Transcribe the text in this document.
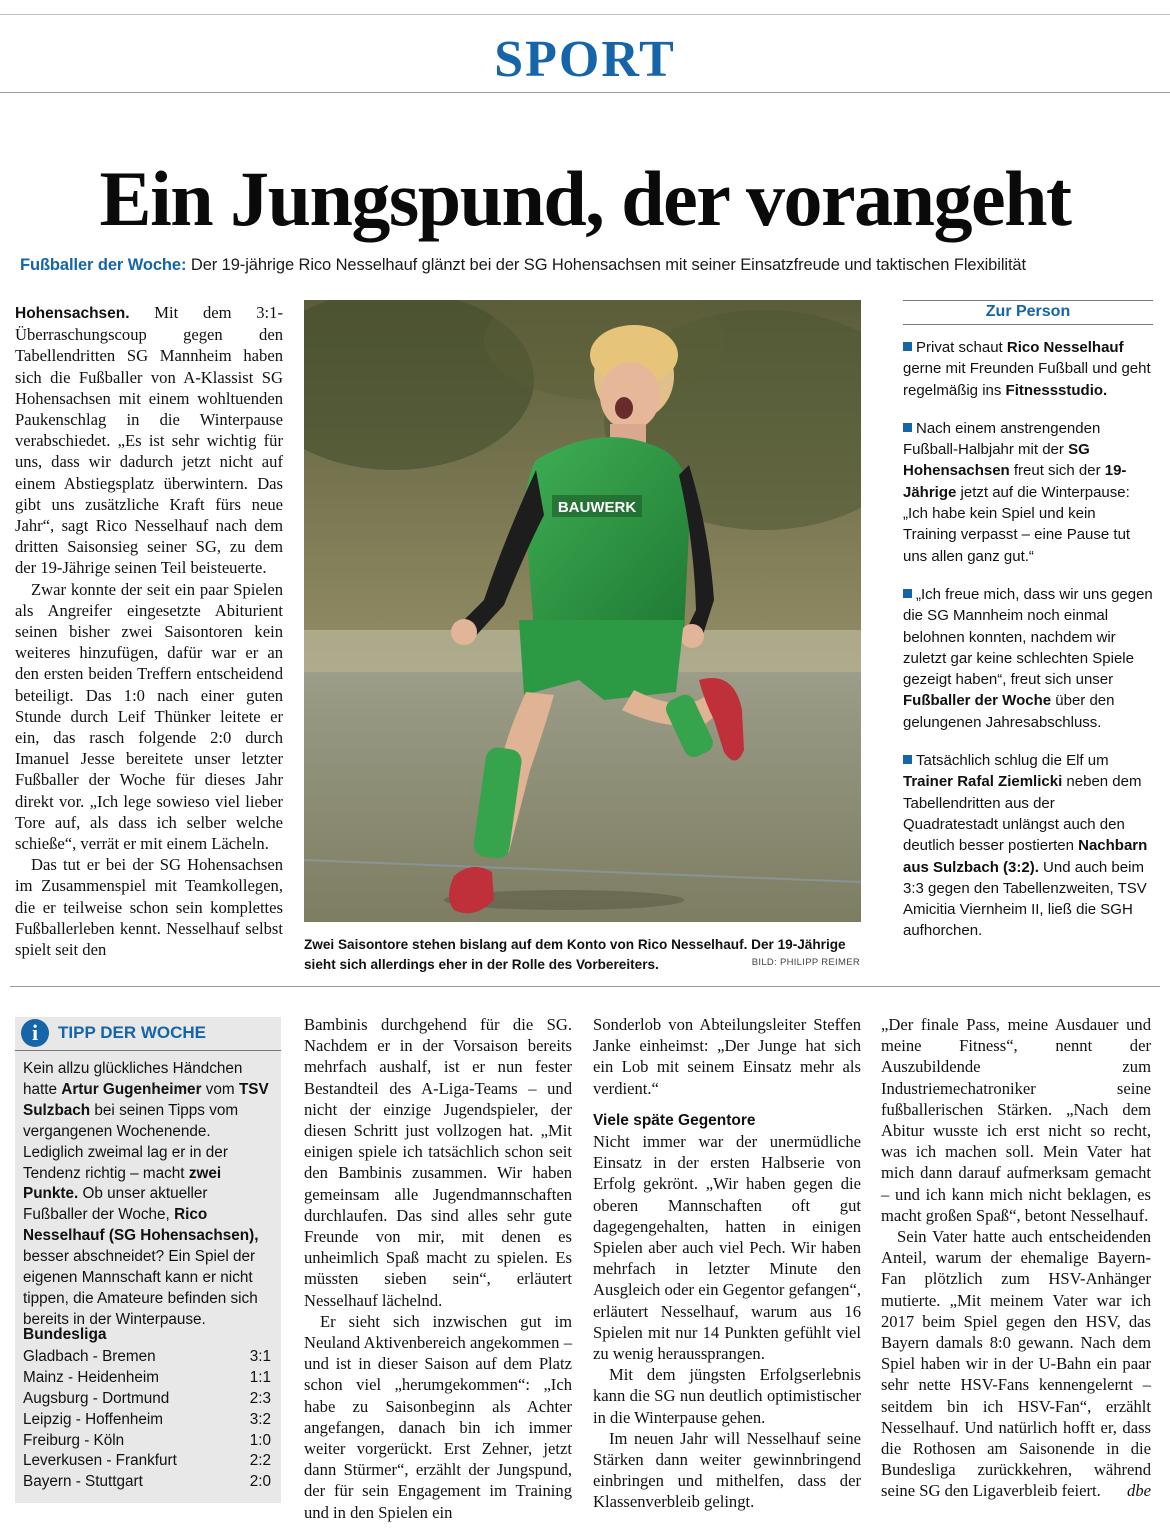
SPORT
Ein Jungspund, der vorangeht
Fußballer der Woche: Der 19-jährige Rico Nesselhauf glänzt bei der SG Hohensachsen mit seiner Einsatzfreude und taktischen Flexibilität

Hohensachsen. Mit dem 3:1-Überraschungscoup gegen den Tabellendritten SG Mannheim haben sich die Fußballer von A-Klassist SG Hohensachsen mit einem wohltuenden Paukenschlag in die Winterpause verabschiedet. „Es ist sehr wichtig für uns, dass wir dadurch jetzt nicht auf einem Abstiegsplatz überwintern. Das gibt uns zusätzliche Kraft fürs neue Jahr“, sagt Rico Nesselhauf nach dem dritten Saisonsieg seiner SG, zu dem der 19-Jährige seinen Teil beisteuerte.

Zwar konnte der seit ein paar Spielen als Angreifer eingesetzte Abiturient seinen bisher zwei Saisontoren kein weiteres hinzufügen, dafür war er an den ersten beiden Treffern entscheidend beteiligt. Das 1:0 nach einer guten Stunde durch Leif Thünker leitete er ein, das rasch folgende 2:0 durch Imanuel Jesse bereitete unser letzter Fußballer der Woche für dieses Jahr direkt vor. „Ich lege sowieso viel lieber Tore auf, als dass ich selber welche schieße“, verrät er mit einem Lächeln.

Das tut er bei der SG Hohensachsen im Zusammenspiel mit Teamkollegen, die er teilweise schon sein komplettes Fußballerleben kennt. Nesselhauf selbst spielt seit den

BAUWERK
Zwei Saisontore stehen bislang auf dem Konto von Rico Nesselhauf. Der 19-Jährige sieht sich allerdings eher in der Rolle des Vorbereiters.	BILD: PHILIPP REIMER
Zur Person
Privat schaut Rico Nesselhauf gerne mit Freunden Fußball und geht regelmäßig ins Fitnessstudio.
Nach einem anstrengenden Fußball-Halbjahr mit der SG Hohensachsen freut sich der 19-Jährige jetzt auf die Winterpause: „Ich habe kein Spiel und kein Training verpasst – eine Pause tut uns allen ganz gut.“
„Ich freue mich, dass wir uns gegen die SG Mannheim noch einmal belohnen konnten, nachdem wir zuletzt gar keine schlechten Spiele gezeigt haben“, freut sich unser Fußballer der Woche über den gelungenen Jahresabschluss.
Tatsächlich schlug die Elf um Trainer Rafal Ziemlicki neben dem Tabellendritten aus der Quadratestadt unlängst auch den deutlich besser postierten Nachbarn aus Sulzbach (3:2). Und auch beim 3:3 gegen den Tabellenzweiten, TSV Amicitia Viernheim II, ließ die SGH aufhorchen.
i	TIPP DER WOCHE
Kein allzu glückliches Händchen hatte Artur Gugenheimer vom TSV Sulzbach bei seinen Tipps vom vergangenen Wochenende. Lediglich zweimal lag er in der Tendenz richtig – macht zwei Punkte. Ob unser aktueller Fußballer der Woche, Rico Nesselhauf (SG Hohensachsen), besser abschneidet? Ein Spiel der eigenen Mannschaft kann er nicht tippen, die Amateure befinden sich bereits in der Winterpause.
Bundesliga
Gladbach - Bremen	3:1
Mainz - Heidenheim	1:1
Augsburg - Dortmund	2:3
Leipzig - Hoffenheim	3:2
Freiburg - Köln	1:0
Leverkusen - Frankfurt	2:2
Bayern - Stuttgart	2:0

Bambinis durchgehend für die SG. Nachdem er in der Vorsaison bereits mehrfach aushalf, ist er nun fester Bestandteil des A-Liga-Teams – und nicht der einzige Jugendspieler, der diesen Schritt just vollzogen hat. „Mit einigen spiele ich tatsächlich schon seit den Bambinis zusammen. Wir haben gemeinsam alle Jugendmannschaften durchlaufen. Das sind alles sehr gute Freunde von mir, mit denen es unheimlich Spaß macht zu spielen. Es müssten sieben sein“, erläutert Nesselhauf lächelnd.

Er sieht sich inzwischen gut im Neuland Aktivenbereich angekommen – und ist in dieser Saison auf dem Platz schon viel „herumgekommen“: „Ich habe zu Saisonbeginn als Achter angefangen, danach bin ich immer weiter vorgerückt. Erst Zehner, jetzt dann Stürmer“, erzählt der Jungspund, der für sein Engagement im Training und in den Spielen ein

Sonderlob von Abteilungsleiter Steffen Janke einheimst: „Der Junge hat sich ein Lob mit seinem Einsatz mehr als verdient.“

Viele späte Gegentore

Nicht immer war der unermüdliche Einsatz in der ersten Halbserie von Erfolg gekrönt. „Wir haben gegen die oberen Mannschaften oft gut dagegengehalten, hatten in einigen Spielen aber auch viel Pech. Wir haben mehrfach in letzter Minute den Ausgleich oder ein Gegentor gefangen“, erläutert Nesselhauf, warum aus 16 Spielen mit nur 14 Punkten gefühlt viel zu wenig heraussprangen.

Mit dem jüngsten Erfolgserlebnis kann die SG nun deutlich optimistischer in die Winterpause gehen.

Im neuen Jahr will Nesselhauf seine Stärken dann weiter gewinnbringend einbringen und mithelfen, dass der Klassenverbleib gelingt.

„Der finale Pass, meine Ausdauer und meine Fitness“, nennt der Auszubildende zum Industriemechatroniker seine fußballerischen Stärken. „Nach dem Abitur wusste ich erst nicht so recht, was ich machen soll. Mein Vater hat mich dann darauf aufmerksam gemacht – und ich kann mich nicht beklagen, es macht großen Spaß“, betont Nesselhauf.

Sein Vater hatte auch entscheidenden Anteil, warum der ehemalige Bayern-Fan plötzlich zum HSV-Anhänger mutierte. „Mit meinem Vater war ich 2017 beim Spiel gegen den HSV, das Bayern damals 8:0 gewann. Nach dem Spiel haben wir in der U-Bahn ein paar sehr nette HSV-Fans kennengelernt – seitdem bin ich HSV-Fan“, erzählt Nesselhauf. Und natürlich hofft er, dass die Rothosen am Saisonende in die Bundesliga zurückkehren, während seine SG den Ligaverbleib feiert.	dbe
